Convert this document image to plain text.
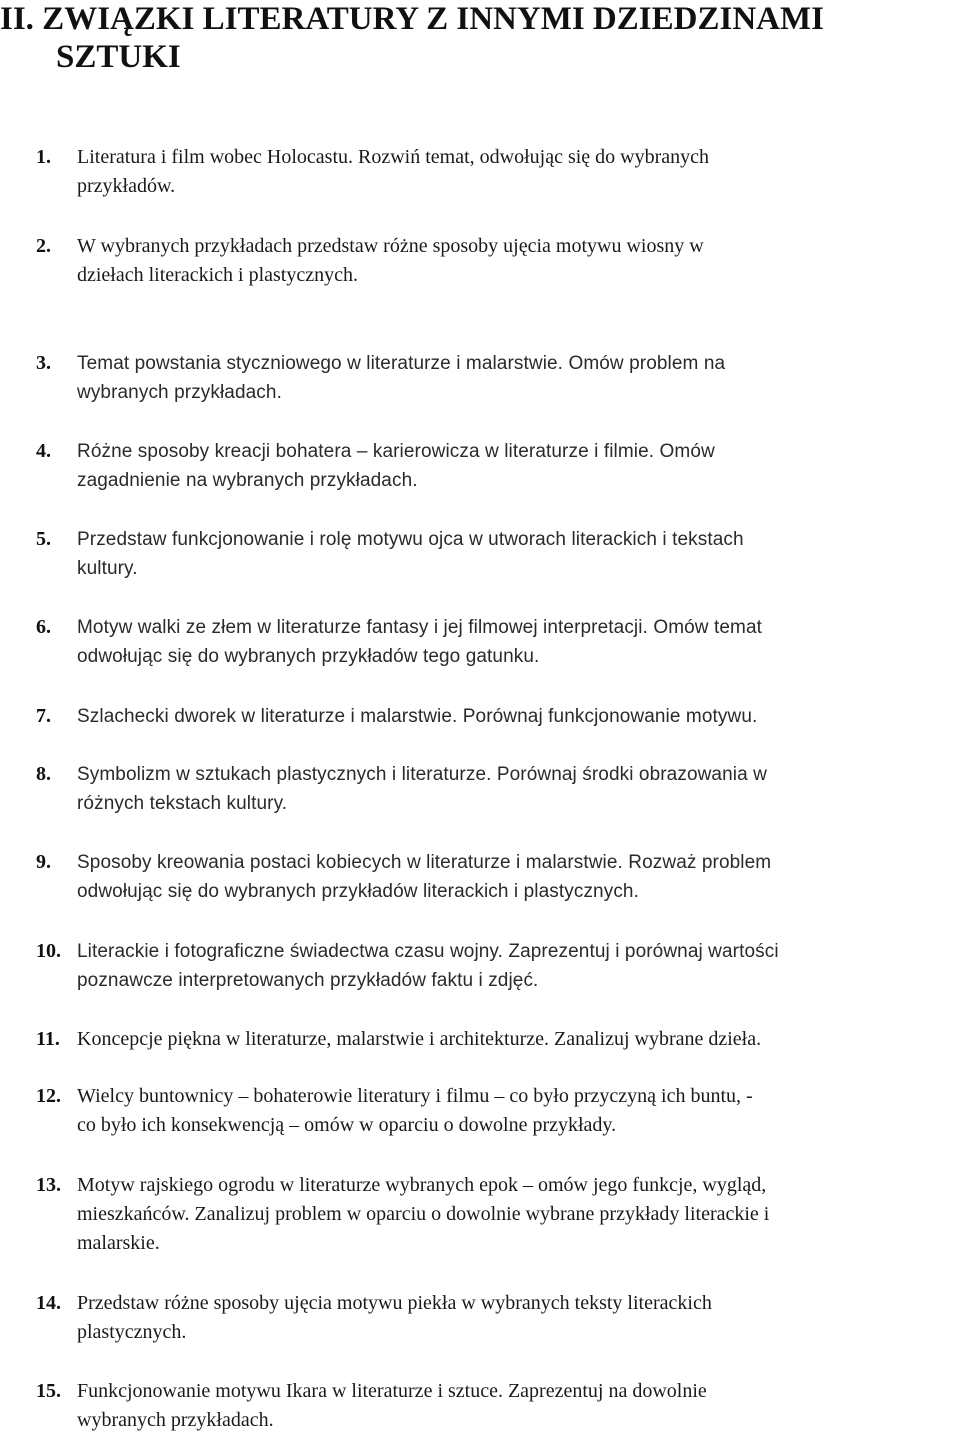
II. ZWIĄZKI LITERATURY Z INNYMI DZIEDZINAMI
SZTUKI
1.	Literatura i film wobec Holocastu. Rozwiń temat, odwołując się do wybranych
przykładów.
2.	W wybranych przykładach przedstaw różne sposoby ujęcia motywu wiosny w
dziełach literackich i plastycznych.
3.	Temat powstania styczniowego w literaturze i malarstwie. Omów problem na
wybranych przykładach.
4.	Różne sposoby kreacji bohatera – karierowicza w literaturze i filmie. Omów
zagadnienie na wybranych przykładach.
5.	Przedstaw funkcjonowanie i rolę motywu ojca w utworach literackich i tekstach
kultury.
6.	Motyw walki ze złem w literaturze fantasy i jej filmowej interpretacji. Omów temat
odwołując się do wybranych przykładów tego gatunku.
7.	Szlachecki dworek w literaturze i malarstwie. Porównaj funkcjonowanie motywu.
8.	Symbolizm w sztukach plastycznych i literaturze. Porównaj środki obrazowania w
różnych tekstach kultury.
9.	Sposoby kreowania postaci kobiecych w literaturze i malarstwie. Rozważ problem
odwołując się do wybranych przykładów literackich i plastycznych.
10. Literackie i fotograficzne świadectwa czasu wojny. Zaprezentuj i porównaj wartości
poznawcze interpretowanych przykładów faktu i zdjęć.
11. Koncepcje piękna w literaturze, malarstwie i architekturze. Zanalizuj wybrane dzieła.
12. Wielcy buntownicy – bohaterowie literatury i filmu – co było przyczyną ich buntu, -
co było ich konsekwencją – omów w oparciu o dowolne przykłady.
13. Motyw rajskiego ogrodu w literaturze wybranych epok – omów jego funkcje, wygląd,
mieszkańców. Zanalizuj problem w oparciu o dowolnie wybrane przykłady literackie i
malarskie.
14. Przedstaw różne sposoby ujęcia motywu piekła w wybranych teksty literackich
plastycznych.
15. Funkcjonowanie motywu Ikara w literaturze i sztuce. Zaprezentuj na dowolnie
wybranych przykładach.
